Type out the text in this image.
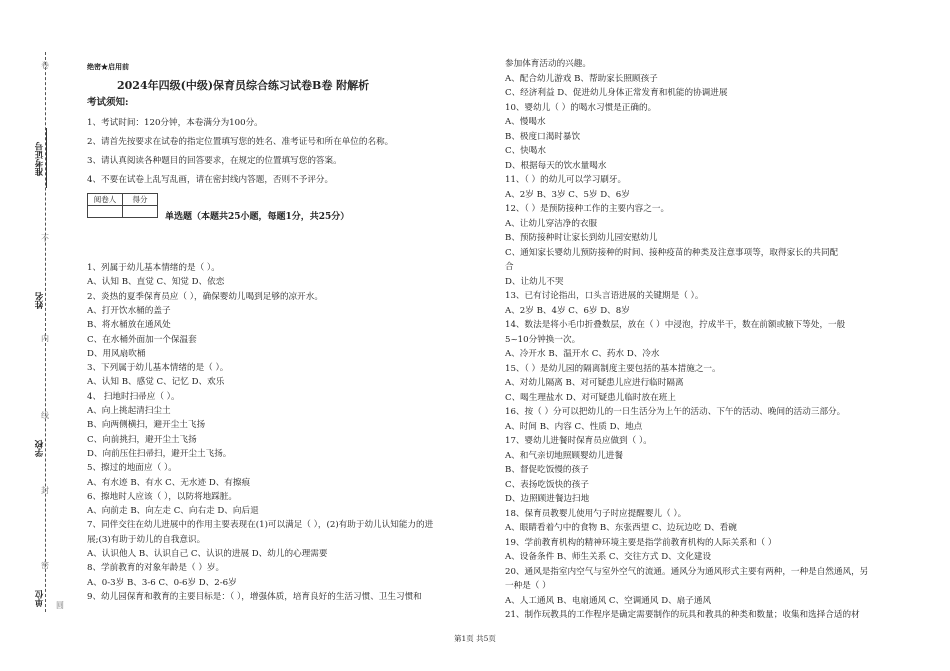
卷
不
内
线
封
密
圆
准考证号
姓名
学校
单位
绝密★启用前
2024年四级(中级)保育员综合练习试卷B卷 附解析
考试须知:
1、考试时间：120分钟，本卷满分为100分。
2、请首先按要求在试卷的指定位置填写您的姓名、准考证号和所在单位的名称。
3、请认真阅读各种题目的回答要求，在规定的位置填写您的答案。
4、不要在试卷上乱写乱画，请在密封线内答题，否则不予评分。
阅卷人	得分

单选题（本题共25小题，每题1分，共25分）
1、列属于幼儿基本情绪的是（ ）。
A、认知 B、直觉 C、知觉 D、依恋
2、炎热的夏季保育员应（ ），确保婴幼儿喝到足够的凉开水。
A、打开饮水桶的盖子
B、将水桶放在通风处
C、在水桶外面加一个保温套
D、用风扇吹桶
3、下列属于幼儿基本情绪的是（ ）。
A、认知 B、感觉 C、记忆 D、欢乐
4、 扫地时扫帚应（ ）。
A、向上挑起清扫尘土
B、向两侧横扫，避开尘土飞扬
C、向前挑扫，避开尘土飞扬
D、向前压住扫帚扫，避开尘土飞扬。
5、擦过的地面应（ ）。
A、有水迹 B、有水 C、无水迹 D、有擦痕
6、擦地时人应该（ ），以防将地踩脏。
A、向前走 B、向左走 C、向右走 D、向后退
7、同伴交往在幼儿进展中的作用主要表现在(1)可以满足（ ），(2)有助于幼儿认知能力的进
展;(3)有助于幼儿的自我意识。
A、认识他人 B、认识自己 C、认识的进展 D、幼儿的心理需要
8、学前教育的对象年龄是（ ）岁。
A、0-3岁 B、3-6 C、0-6岁 D、2-6岁
9、幼儿园保育和教育的主要目标是：（ ），增强体质，培育良好的生活习惯、卫生习惯和
参加体育活动的兴趣。
A、配合幼儿游戏 B、帮助家长照顾孩子
C、经济利益 D、促进幼儿身体正常发育和机能的协调进展
10、婴幼儿（ ）的喝水习惯是正确的。
A、慢喝水
B、极度口渴时暴饮
C、快喝水
D、根据每天的饮水量喝水
11、（ ）的幼儿可以学习刷牙。
A、2岁 B、3岁 C、5岁 D、6岁
12、（ ）是预防接种工作的主要内容之一。
A、让幼儿穿洁净的衣服
B、预防接种时让家长到幼儿园安慰幼儿
C、通知家长婴幼儿预防接种的时间、接种疫苗的种类及注意事项等，取得家长的共同配
合
D、让幼儿不哭
13、已有讨论指出，口头言语进展的关键期是（ ）。
A、2岁 B、4岁 C、6岁 D、8岁
14、数法是将小毛巾折叠数层，放在（ ）中浸泡，拧成半干，数在前额或腋下等处，一般
5~10分钟换一次。
A、冷开水 B、温开水 C、药水 D、冷水
15、（ ）是幼儿园的隔离制度主要包括的基本措施之一。
A、对幼儿隔离 B、对可疑患儿应进行临时隔离
C、喝生理盐水 D、对可疑患儿临时放在班上
16、按（ ）分可以把幼儿的一日生活分为上午的活动、下午的活动、晚间的活动三部分。
A、时间 B、内容 C、性质 D、地点
17、婴幼儿进餐时保育员应做到（ ）。
A、和气亲切地照顾婴幼儿进餐
B、督促吃饭慢的孩子
C、表扬吃饭快的孩子
D、边照顾进餐边扫地
18、保育员教婴儿使用勺子时应提醒婴儿（ ）。
A、眼睛看着勺中的食物 B、东张西望 C、边玩边吃 D、看碗
19、学前教育机构的精神环境主要是指学前教育机构的人际关系和（ ）
A、设备条件 B、师生关系 C、交往方式 D、文化建设
20、通风是指室内空气与室外空气的流通。通风分为通风形式主要有两种，一种是自然通风，另
一种是（ ）
A、人工通风 B、电扇通风 C、空调通风 D、扇子通风
21、制作玩教具的工作程序是确定需要制作的玩具和教具的种类和数量；收集和选择合适的材
第1页 共5页
